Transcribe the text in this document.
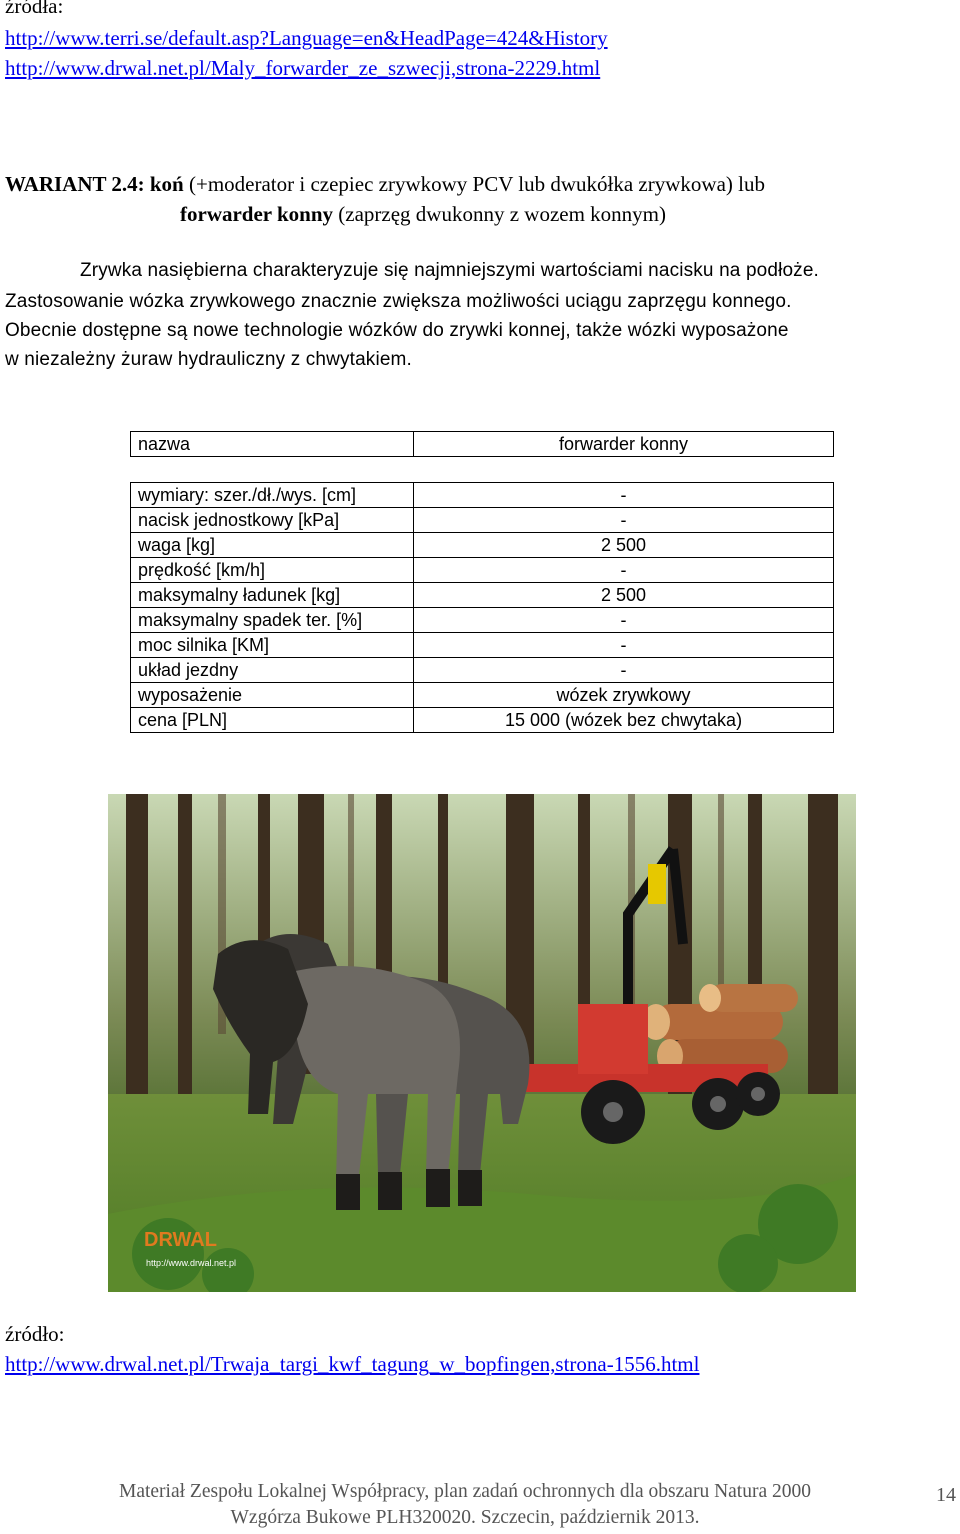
źródła:
http://www.terri.se/default.asp?Language=en&HeadPage=424&History
http://www.drwal.net.pl/Maly_forwarder_ze_szwecji,strona-2229.html
WARIANT 2.4: koń (+moderator i czepiec zrywkowy PCV lub dwukółka zrywkowa) lub
forwarder konny (zaprzęg dwukonny z wozem konnym)
Zrywka nasiębierna charakteryzuje się najmniejszymi wartościami nacisku na podłoże.
Zastosowanie wózka zrywkowego znacznie zwiększa możliwości uciągu zaprzęgu konnego.
Obecnie dostępne są nowe technologie wózków do zrywki konnej, także wózki wyposażone
w niezależny żuraw hydrauliczny z chwytakiem.
nazwa	forwarder konny
wymiary: szer./dł./wys. [cm]	-
nacisk jednostkowy [kPa]	-
waga [kg]	2 500
prędkość [km/h]	-
maksymalny ładunek [kg]	2 500
maksymalny spadek ter. [%]	-
moc silnika [KM]	-
układ jezdny	-
wyposażenie	wózek zrywkowy
cena [PLN]	15 000 (wózek bez chwytaka)
DRWAL
http://www.drwal.net.pl
źródło:
http://www.drwal.net.pl/Trwaja_targi_kwf_tagung_w_bopfingen,strona-1556.html
Materiał Zespołu Lokalnej Współpracy, plan zadań ochronnych dla obszaru Natura 2000
Wzgórza Bukowe PLH320020. Szczecin, październik 2013.
14
